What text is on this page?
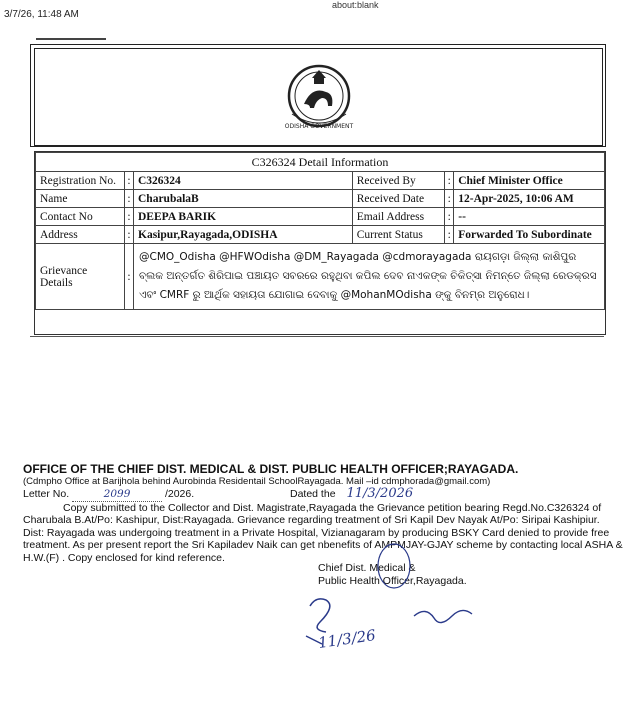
3/7/26, 11:48 AM
about:blank
ODISHA GOVERNMENT
C326324 Detail Information					
Registration No.	:	C326324	Received By	:	Chief Minister Office
Name	:	CharubalaB	Received Date	:	12-Apr-2025, 10:06 AM
Contact No	:	DEEPA BARIK	Email Address	:	--
Address	:	Kasipur,Rayagada,ODISHA	Current Status	:	Forwarded To Subordinate
Grievance Details	:	@CMO_Odisha @HFWOdisha @DM_Rayagada @cdmorayagada ରାୟଗଡ଼ା ଜିଲ୍ଲା କାଶିପୁର ବ୍ଲକ ଅନ୍ତର୍ଗତ ଶିରିପାଇ ପଞ୍ଚାୟତ ସବରରେ ରହୁଥିବା କପିଲ ଦେବ ନାଏକଙ୍କ ଚିକିତ୍ସା ନିମନ୍ତେ ଜିଲ୍ଲା ରେଡକ୍ରସ ଏବଂ CMRF ରୁ ଆର୍ଥିକ ସହାୟତା ଯୋଗାଇ ଦେବାକୁ @MohanMOdisha ଙ୍କୁ ବିନମ୍ର ଅନୁରୋଧ।			
OFFICE OF THE CHIEF DIST. MEDICAL & DIST. PUBLIC HEALTH OFFICER;RAYAGADA.
(Cdmpho Office at Barijhola behind Aurobinda Residentail SchoolRayagada. Mail –id cdmphorada@gmail.com)
Letter No.	2099	/2026.	Dated the 11/3/2026
Copy submitted to the Collector and Dist. Magistrate,Rayagada the Grievance petition bearing Regd.No.C326324 of Charubala B.At/Po: Kashipur, Dist:Rayagada. Grievance regarding treatment of Sri Kapil Dev Nayak At/Po: Siripai Kashipiur. Dist: Rayagada was undergoing treatment in a Private Hospital, Vizianagaram by producing BSKY Card denied to provide free treatment. As per present report the Sri Kapiladev Naik can get nbenefits of AMPMJAY-GJAY scheme by contacting local ASHA & H.W.(F) . Copy enclosed for kind reference.
Chief Dist. Medical &
Public Health Officer,Rayagada.
11/3/26
